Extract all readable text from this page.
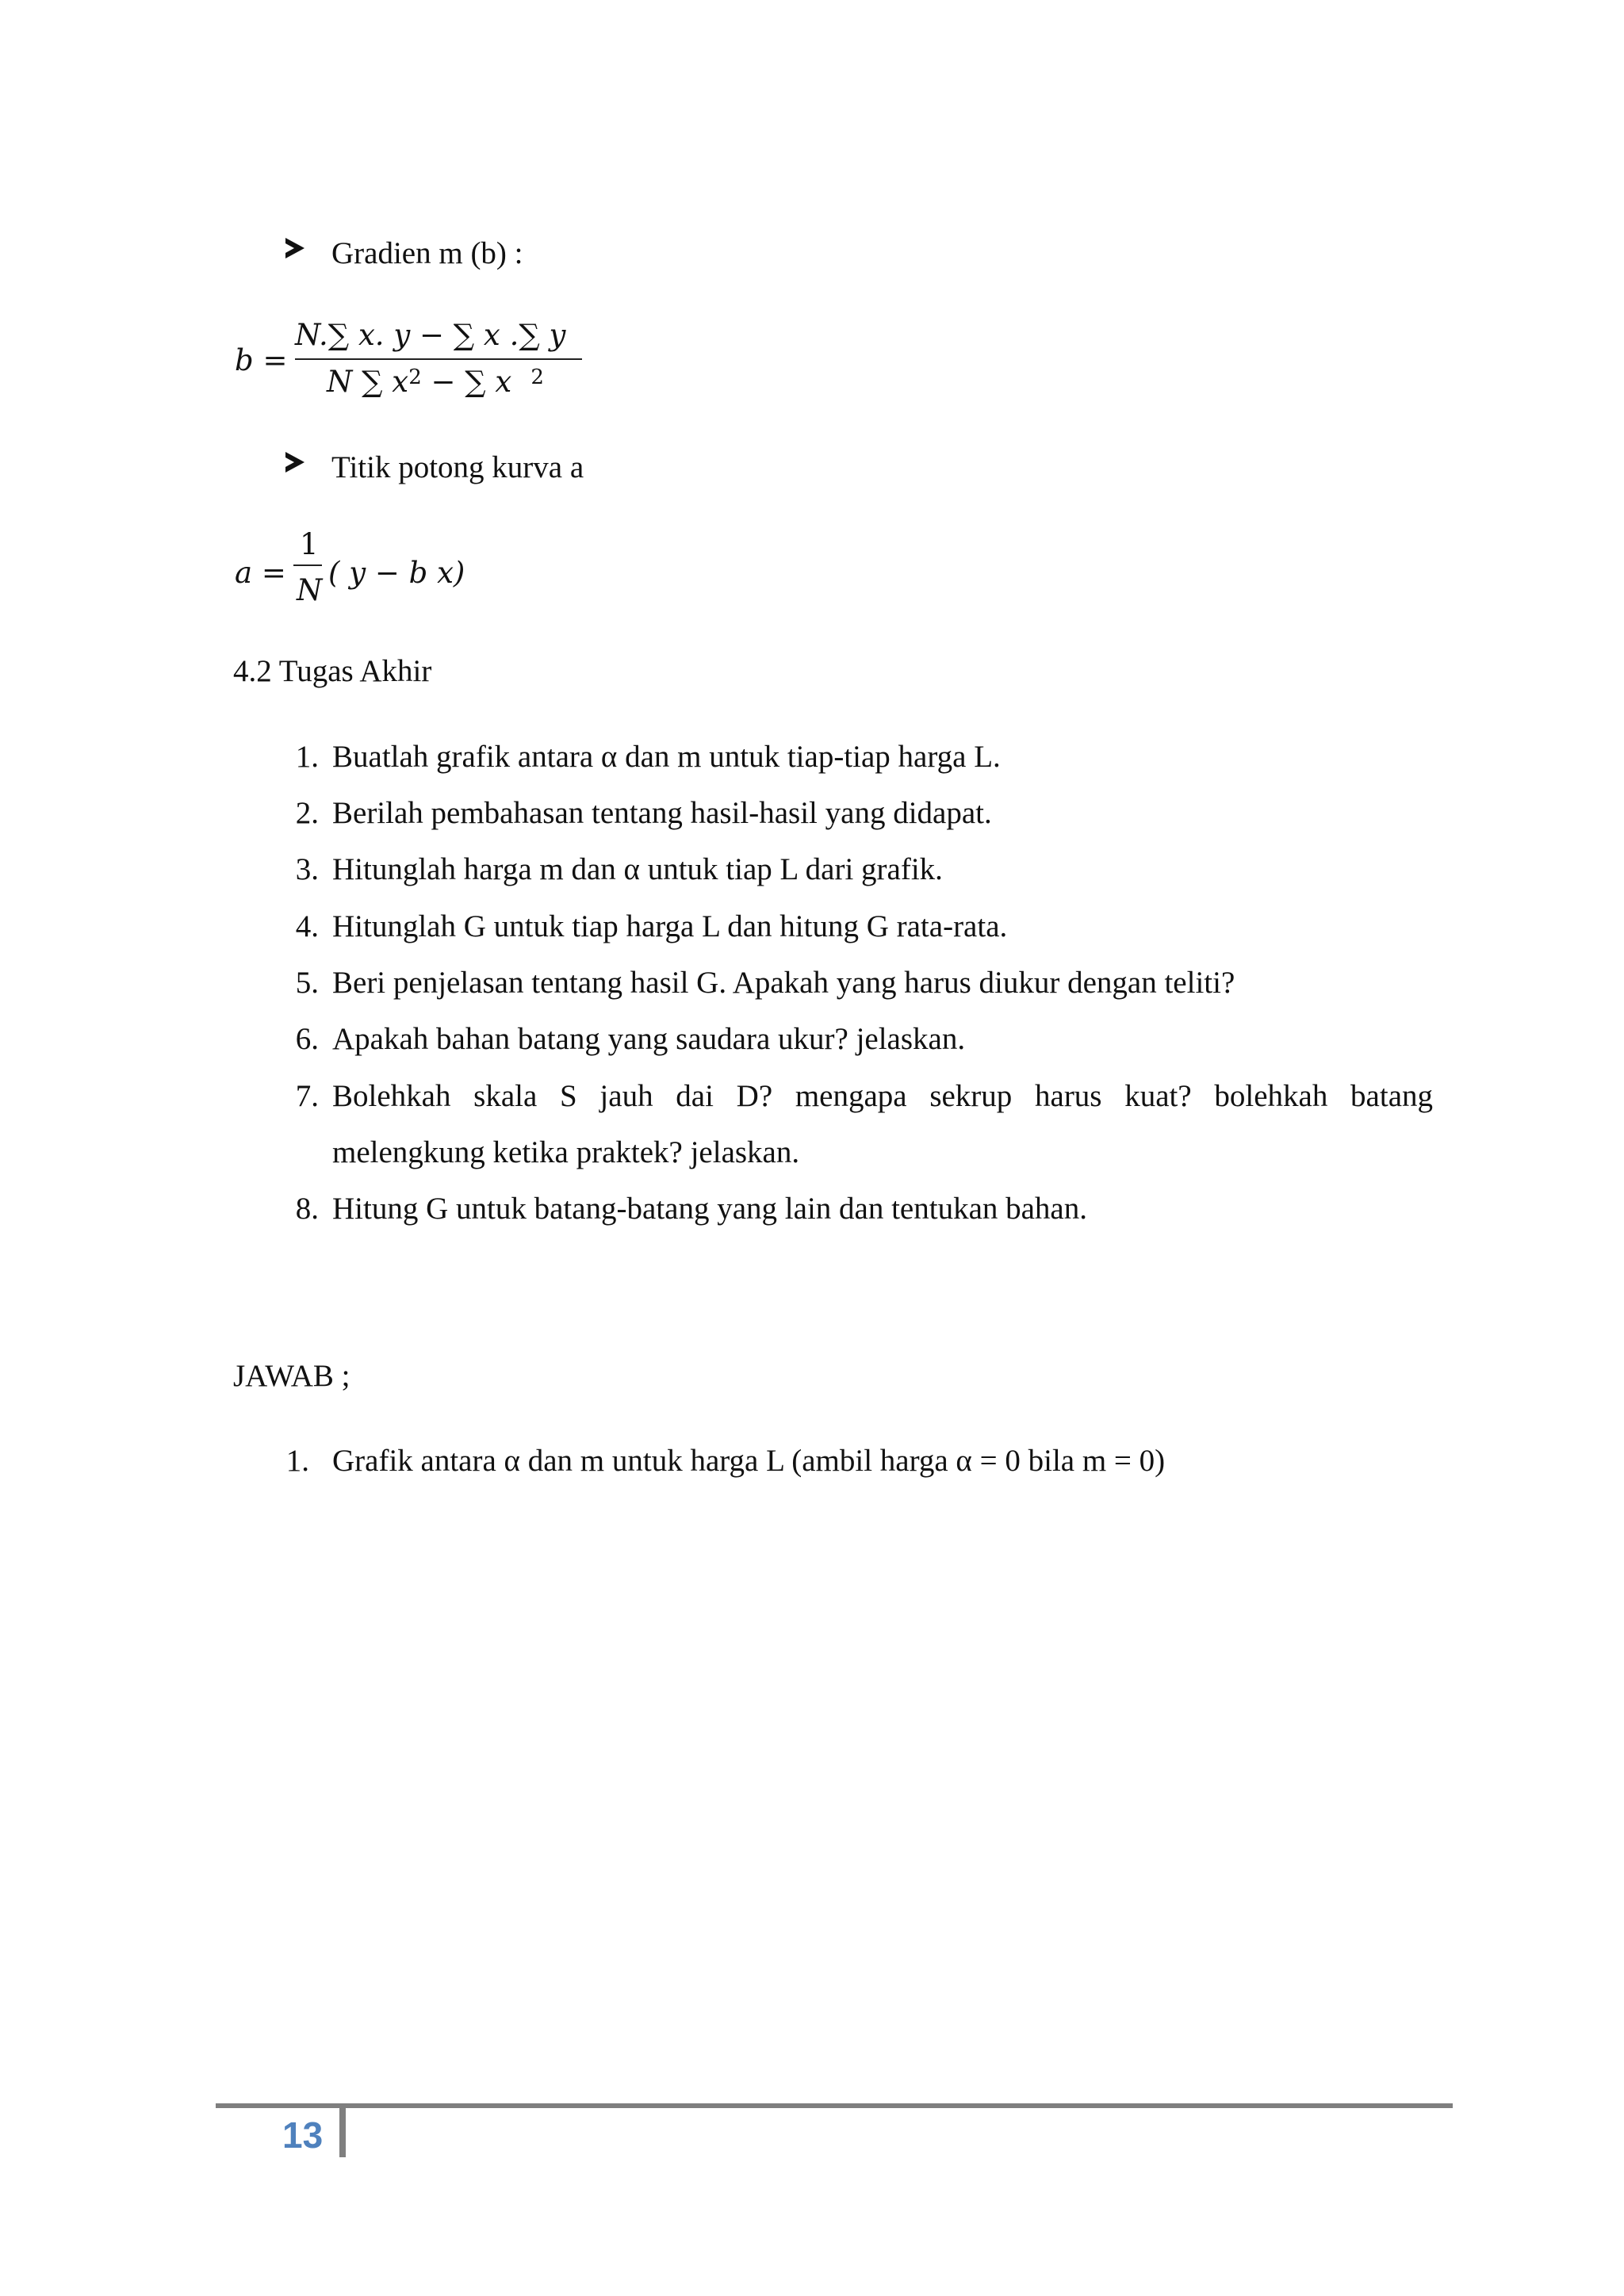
Gradien m (b) :
b =
N.∑ x. y − ∑ x .∑ y
N ∑ $x^2$ − ∑ x $^2$
Titik potong kurva a
a =
1
N
( y − b x)
4.2 Tugas Akhir
1. Buatlah grafik antara α dan m untuk tiap-tiap harga L.
2. Berilah pembahasan tentang hasil-hasil yang didapat.
3. Hitunglah harga m dan α untuk tiap L dari grafik.
4. Hitunglah G untuk tiap harga L dan hitung G rata-rata.
5. Beri penjelasan tentang hasil G. Apakah yang harus diukur dengan teliti?
6. Apakah bahan batang yang saudara ukur? jelaskan.
7. Bolehkah skala S jauh dai D? mengapa sekrup harus kuat? bolehkah batang
melengkung ketika praktek? jelaskan.
8. Hitung G untuk batang-batang yang lain dan tentukan bahan.
JAWAB ;
1. Grafik antara α dan m untuk harga L (ambil harga α = 0 bila m = 0)
13
